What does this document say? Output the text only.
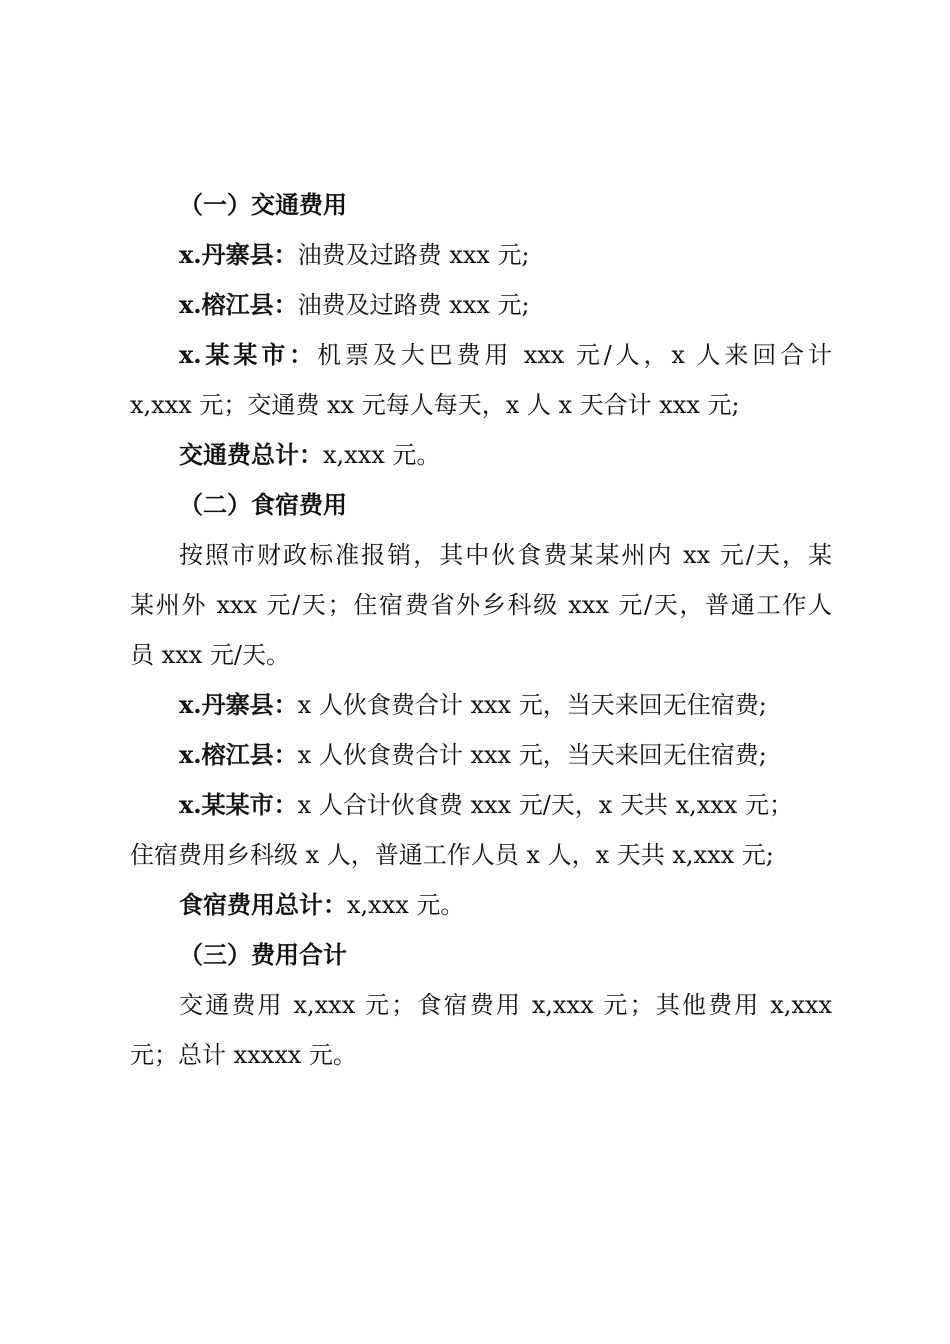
（一）交通费用

x.丹寨县：油费及过路费 xxx 元;

x.榕江县：油费及过路费 xxx 元;

x.某某市：机票及大巴费用 xxx 元/人，x 人来回合计

x,xxx 元；交通费 xx 元每人每天，x 人 x 天合计 xxx 元;

交通费总计：x,xxx 元。

（二）食宿费用

按照市财政标准报销，其中伙食费某某州内 xx 元/天，某

某州外 xxx 元/天；住宿费省外乡科级 xxx 元/天，普通工作人

员 xxx 元/天。

x.丹寨县：x 人伙食费合计 xxx 元，当天来回无住宿费;

x.榕江县：x 人伙食费合计 xxx 元，当天来回无住宿费;

x.某某市：x 人合计伙食费 xxx 元/天，x 天共 x,xxx 元；

住宿费用乡科级 x 人，普通工作人员 x 人，x 天共 x,xxx 元;

食宿费用总计：x,xxx 元。

（三）费用合计

交通费用 x,xxx 元；食宿费用 x,xxx 元；其他费用 x,xxx

元；总计 xxxxx 元。
